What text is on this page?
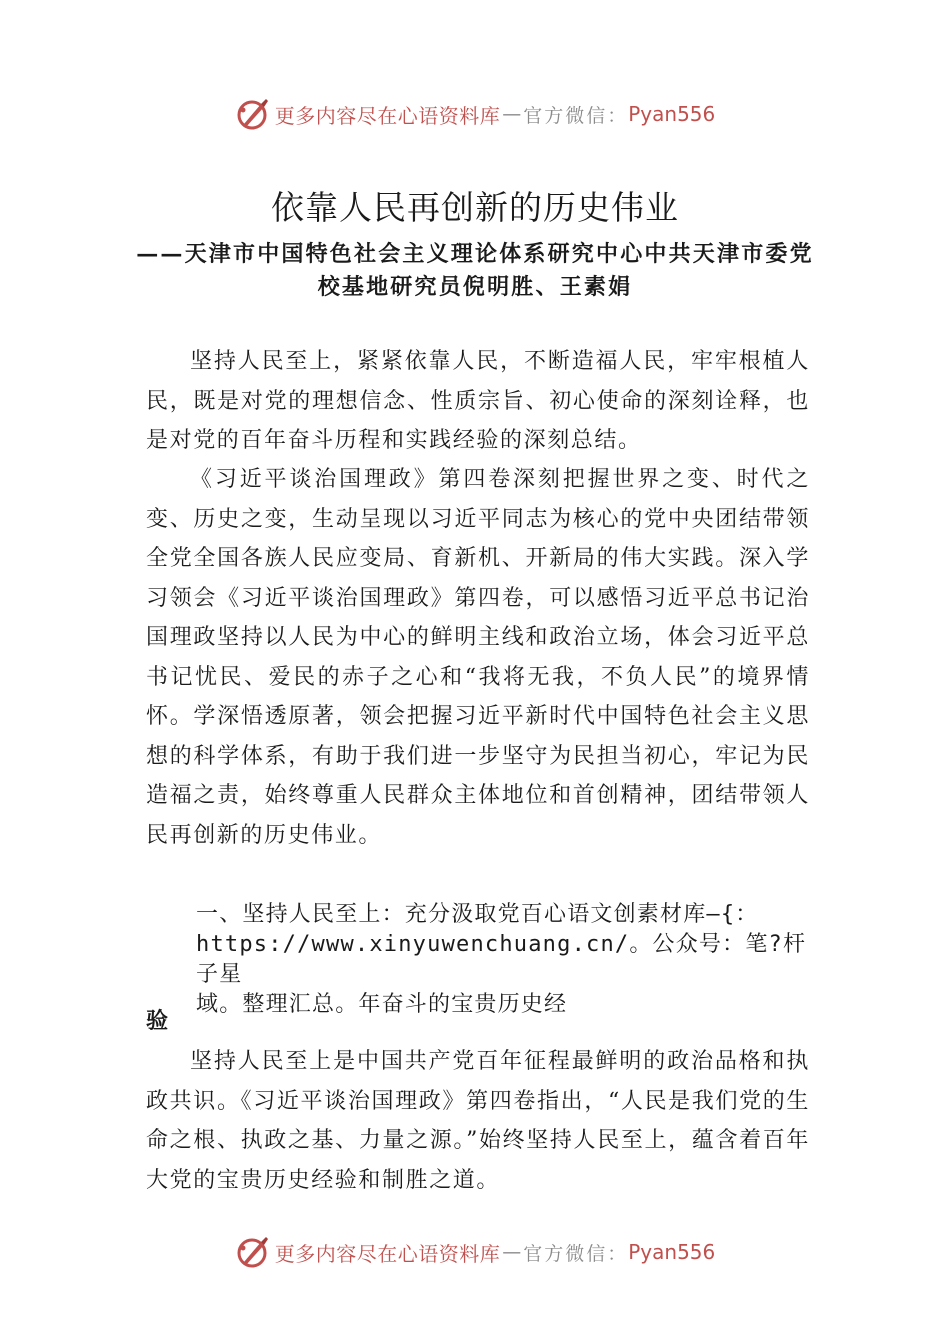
更多内容尽在心语资料库 — 官方微信： Pyan556
依靠人民再创新的历史伟业
——天津市中国特色社会主义理论体系研究中心中共天津市委党校基地研究员倪明胜、王素娟
坚持人民至上，紧紧依靠人民，不断造福人民，牢牢根植人民，既是对党的理想信念、性质宗旨、初心使命的深刻诠释，也是对党的百年奋斗历程和实践经验的深刻总结。
《习近平谈治国理政》第四卷深刻把握世界之变、时代之变、历史之变，生动呈现以习近平同志为核心的党中央团结带领全党全国各族人民应变局、育新机、开新局的伟大实践。深入学习领会《习近平谈治国理政》第四卷，可以感悟习近平总书记治国理政坚持以人民为中心的鲜明主线和政治立场，体会习近平总书记忧民、爱民的赤子之心和“我将无我，不负人民”的境界情怀。学深悟透原著，领会把握习近平新时代中国特色社会主义思想的科学体系，有助于我们进一步坚守为民担当初心，牢记为民造福之责，始终尊重人民群众主体地位和首创精神，团结带领人民再创新的历史伟业。
一、坚持人民至上：充分汲取党百心语文创素材库—{：
https://www.xinyuwenchuang.cn/。公众号：笔?杆子星
域。整理汇总。年奋斗的宝贵历史经
验
坚持人民至上是中国共产党百年征程最鲜明的政治品格和执政共识。《习近平谈治国理政》第四卷指出，“人民是我们党的生命之根、执政之基、力量之源。”始终坚持人民至上，蕴含着百年大党的宝贵历史经验和制胜之道。
更多内容尽在心语资料库 — 官方微信： Pyan556
